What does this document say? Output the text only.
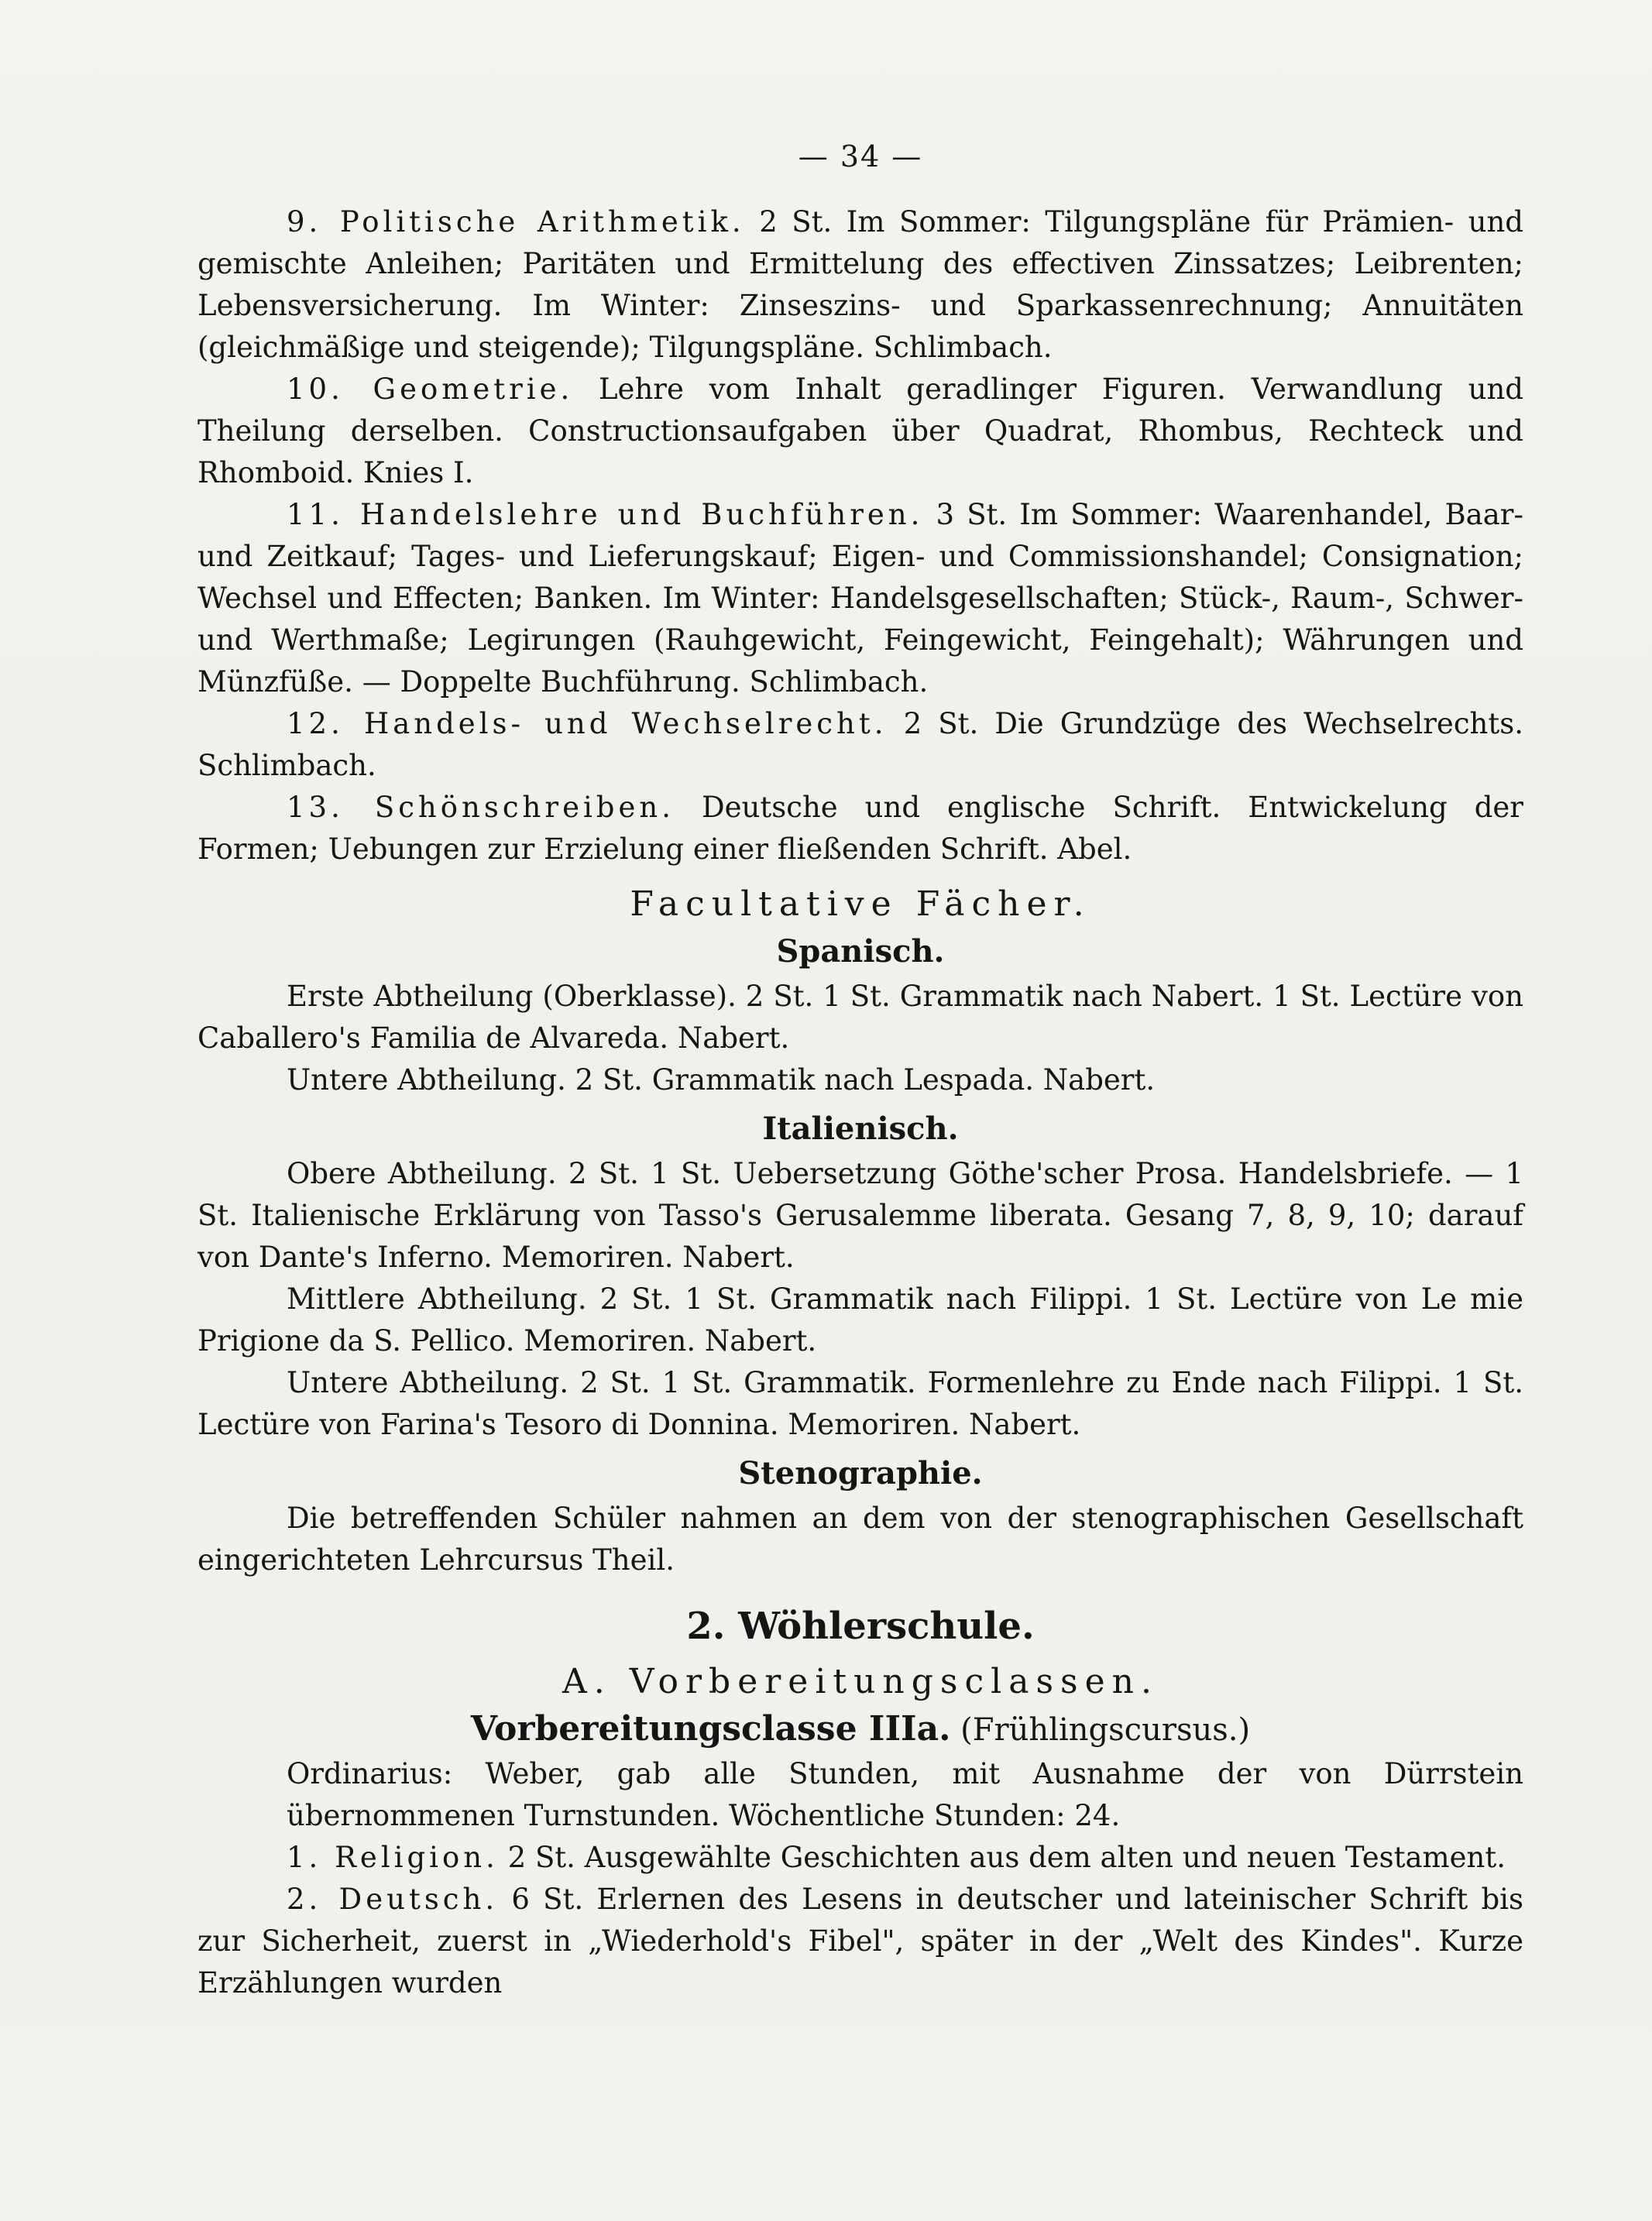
— 34 —

9. Politische Arithmetik. 2 St. Im Sommer: Tilgungspläne für Prämien- und gemischte Anleihen; Paritäten und Ermittelung des effectiven Zinssatzes; Leibrenten; Lebensversicherung. Im Winter: Zinseszins- und Sparkassenrechnung; Annuitäten (gleichmäßige und steigende); Tilgungspläne. Schlimbach.

10. Geometrie. Lehre vom Inhalt geradlinger Figuren. Verwandlung und Theilung derselben. Constructionsaufgaben über Quadrat, Rhombus, Rechteck und Rhomboid. Knies I.

11. Handelslehre und Buchführen. 3 St. Im Sommer: Waarenhandel, Baar- und Zeitkauf; Tages- und Lieferungskauf; Eigen- und Commissionshandel; Consignation; Wechsel und Effecten; Banken. Im Winter: Handelsgesellschaften; Stück-, Raum-, Schwer- und Werthmaße; Legirungen (Rauhgewicht, Feingewicht, Feingehalt); Währungen und Münzfüße. — Doppelte Buchführung. Schlimbach.

12. Handels- und Wechselrecht. 2 St. Die Grundzüge des Wechselrechts. Schlimbach.

13. Schönschreiben. Deutsche und englische Schrift. Entwickelung der Formen; Uebungen zur Erzielung einer fließenden Schrift. Abel.

Facultative Fächer.
Spanisch.

Erste Abtheilung (Oberklasse). 2 St. 1 St. Grammatik nach Nabert. 1 St. Lectüre von Caballero's Familia de Alvareda. Nabert.

Untere Abtheilung. 2 St. Grammatik nach Lespada. Nabert.

Italienisch.

Obere Abtheilung. 2 St. 1 St. Uebersetzung Göthe'scher Prosa. Handelsbriefe. — 1 St. Italienische Erklärung von Tasso's Gerusalemme liberata. Gesang 7, 8, 9, 10; darauf von Dante's Inferno. Memoriren. Nabert.

Mittlere Abtheilung. 2 St. 1 St. Grammatik nach Filippi. 1 St. Lectüre von Le mie Prigione da S. Pellico. Memoriren. Nabert.

Untere Abtheilung. 2 St. 1 St. Grammatik. Formenlehre zu Ende nach Filippi. 1 St. Lectüre von Farina's Tesoro di Donnina. Memoriren. Nabert.

Stenographie.

Die betreffenden Schüler nahmen an dem von der stenographischen Gesellschaft eingerichteten Lehrcursus Theil.

2. Wöhlerschule.
A. Vorbereitungsclassen.
Vorbereitungsclasse IIIa. (Frühlingscursus.)

Ordinarius: Weber, gab alle Stunden, mit Ausnahme der von Dürrstein übernommenen Turnstunden. Wöchentliche Stunden: 24.

1. Religion. 2 St. Ausgewählte Geschichten aus dem alten und neuen Testament.

2. Deutsch. 6 St. Erlernen des Lesens in deutscher und lateinischer Schrift bis zur Sicherheit, zuerst in „Wiederhold's Fibel", später in der „Welt des Kindes". Kurze Erzählungen wurden
